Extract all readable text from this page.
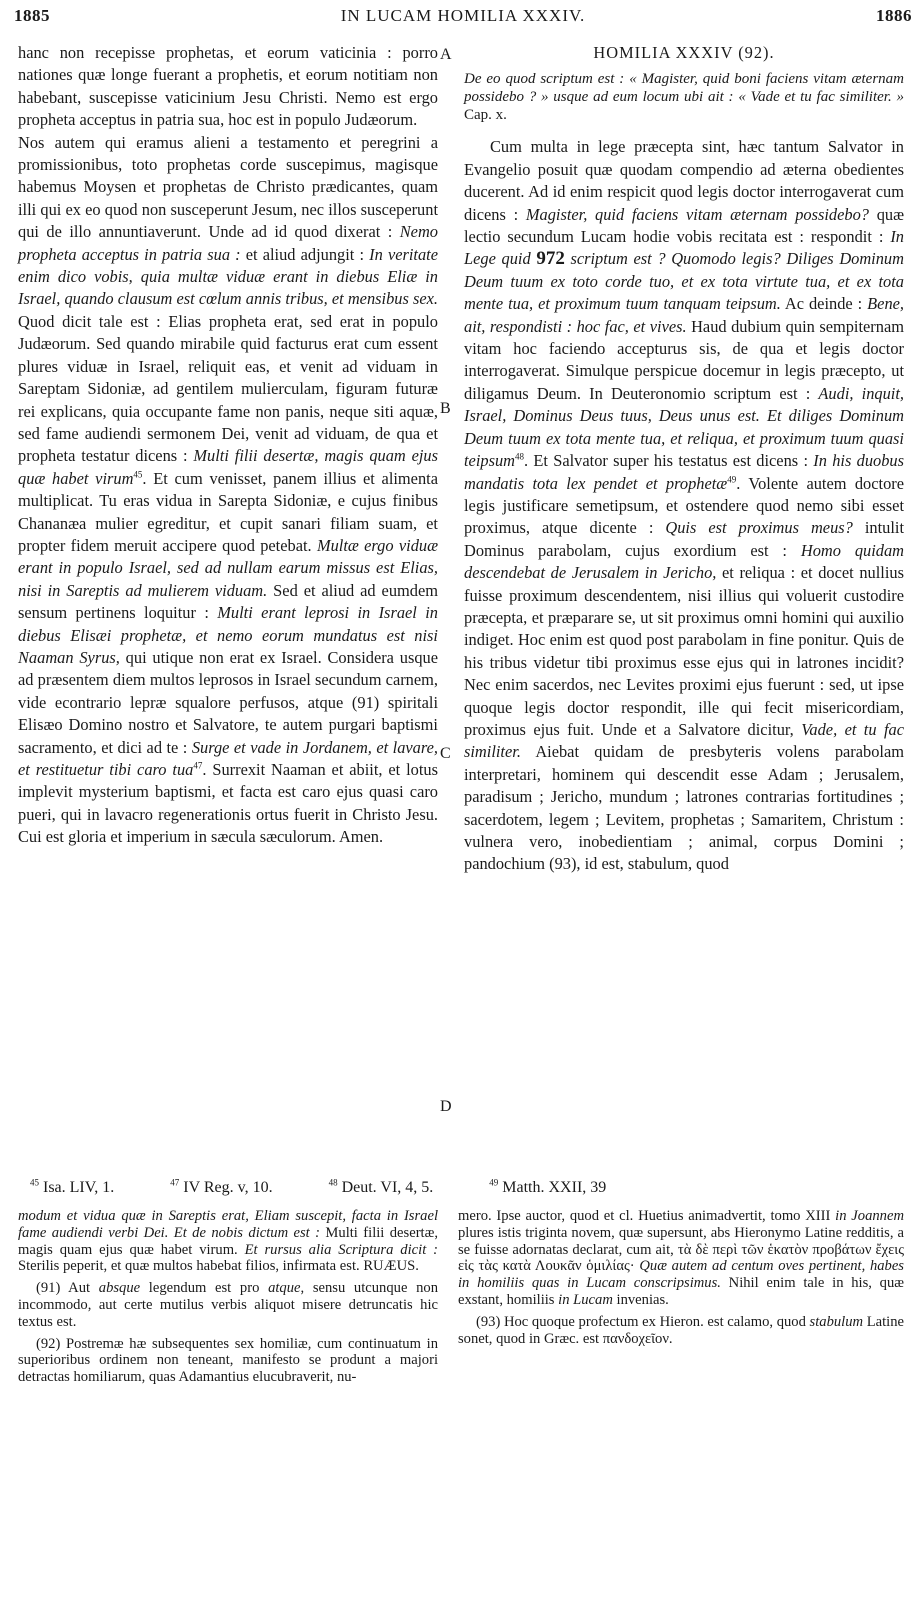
1885	IN LUCAM HOMILIA XXXIV.	1886
A
B
C
D

hanc non recepisse prophetas, et eorum vaticinia : porro nationes quæ longe fuerant a prophetis, et eorum notitiam non habebant, suscepisse vaticinium Jesu Christi. Nemo est ergo propheta acceptus in patria sua, hoc est in populo Judæorum.

Nos autem qui eramus alieni a testamento et peregrini a promissionibus, toto prophetas corde suscepimus, magisque habemus Moysen et prophetas de Christo prædicantes, quam illi qui ex eo quod non susceperunt Jesum, nec illos susceperunt qui de illo annuntiaverunt. Unde ad id quod dixerat : Nemo propheta acceptus in patria sua : et aliud adjungit : In veritate enim dico vobis, quia multæ viduæ erant in diebus Eliæ in Israel, quando clausum est cœlum annis tribus, et mensibus sex. Quod dicit tale est : Elias propheta erat, sed erat in populo Judæorum. Sed quando mirabile quid facturus erat cum essent plures viduæ in Israel, reliquit eas, et venit ad viduam in Sareptam Sidoniæ, ad gentilem mulierculam, figuram futuræ rei explicans, quia occupante fame non panis, neque siti aquæ, sed fame audiendi sermonem Dei, venit ad viduam, de qua et propheta testatur dicens : Multi filii desertæ, magis quam ejus quæ habet virum$^{45}$. Et cum venisset, panem illius et alimenta multiplicat. Tu eras vidua in Sarepta Sidoniæ, e cujus finibus Chananæa mulier egreditur, et cupit sanari filiam suam, et propter fidem meruit accipere quod petebat. Multæ ergo viduæ erant in populo Israel, sed ad nullam earum missus est Elias, nisi in Sareptis ad mulierem viduam. Sed et aliud ad eumdem sensum pertinens loquitur : Multi erant leprosi in Israel in diebus Elisæi prophetæ, et nemo eorum mundatus est nisi Naaman Syrus, qui utique non erat ex Israel. Considera usque ad præsentem diem multos leprosos in Israel secundum carnem, vide econtrario lepræ squalore perfusos, atque (91) spiritali Elisæo Domino nostro et Salvatore, te autem purgari baptismi sacramento, et dici ad te : Surge et vade in Jordanem, et lavare, et restituetur tibi caro tua$^{47}$. Surrexit Naaman et abiit, et lotus implevit mysterium baptismi, et facta est caro ejus quasi caro pueri, qui in lavacro regenerationis ortus fuerit in Christo Jesu. Cui est gloria et imperium in sæcula sæculorum. Amen.

HOMILIA XXXIV (92).
De eo quod scriptum est : « Magister, quid boni faciens vitam æternam possidebo ? » usque ad eum locum ubi ait : « Vade et tu fac similiter. » Cap. x.

Cum multa in lege præcepta sint, hæc tantum Salvator in Evangelio posuit quæ quodam compendio ad æterna obedientes ducerent. Ad id enim respicit quod legis doctor interrogaverat cum dicens : Magister, quid faciens vitam æternam possidebo? quæ lectio secundum Lucam hodie vobis recitata est : respondit : In Lege quid 972 scriptum est ? Quomodo legis? Diliges Dominum Deum tuum ex toto corde tuo, et ex tota virtute tua, et ex tota mente tua, et proximum tuum tanquam teipsum. Ac deinde : Bene, ait, respondisti : hoc fac, et vives. Haud dubium quin sempiternam vitam hoc faciendo accepturus sis, de qua et legis doctor interrogaverat. Simulque perspicue docemur in legis præcepto, ut diligamus Deum. In Deuteronomio scriptum est : Audi, inquit, Israel, Dominus Deus tuus, Deus unus est. Et diliges Dominum Deum tuum ex tota mente tua, et reliqua, et proximum tuum quasi teipsum$^{48}$. Et Salvator super his testatus est dicens : In his duobus mandatis tota lex pendet et prophetæ$^{49}$. Volente autem doctore legis justificare semetipsum, et ostendere quod nemo sibi esset proximus, atque dicente : Quis est proximus meus? intulit Dominus parabolam, cujus exordium est : Homo quidam descendebat de Jerusalem in Jericho, et reliqua : et docet nullius fuisse proximum descendentem, nisi illius qui voluerit custodire præcepta, et præparare se, ut sit proximus omni homini qui auxilio indiget. Hoc enim est quod post parabolam in fine ponitur. Quis de his tribus videtur tibi proximus esse ejus qui in latrones incidit? Nec enim sacerdos, nec Levites proximi ejus fuerunt : sed, ut ipse quoque legis doctor respondit, ille qui fecit misericordiam, proximus ejus fuit. Unde et a Salvatore dicitur, Vade, et tu fac similiter. Aiebat quidam de presbyteris volens parabolam interpretari, hominem qui descendit esse Adam ; Jerusalem, paradisum ; Jericho, mundum ; latrones contrarias fortitudines ; sacerdotem, legem ; Levitem, prophetas ; Samaritem, Christum : vulnera vero, inobedientiam ; animal, corpus Domini ; pandochium (93), id est, stabulum, quod

$^{45}$ Isa. LIV, 1.	$^{47}$ IV Reg. v, 10.	$^{48}$ Deut. VI, 4, 5.	$^{49}$ Matth. XXII, 39

modum et vidua quæ in Sareptis erat, Eliam suscepit, facta in Israel fame audiendi verbi Dei. Et de nobis dictum est : Multi filii desertæ, magis quam ejus quæ habet virum. Et rursus alia Scriptura dicit : Sterilis peperit, et quæ multos habebat filios, infirmata est. RUÆUS.

(91) Aut absque legendum est pro atque, sensu utcunque non incommodo, aut certe mutilus verbis aliquot misere detruncatis hic textus est.

(92) Postremæ hæ subsequentes sex homiliæ, cum continuatum in superioribus ordinem non teneant, manifesto se produnt a majori detractas homiliarum, quas Adamantius elucubraverit, nu-

mero. Ipse auctor, quod et cl. Huetius animadvertit, tomo XIII in Joannem plures istis triginta novem, quæ supersunt, abs Hieronymo Latine redditis, a se fuisse adornatas declarat, cum ait, τὰ δὲ περὶ τῶν ἑκατὸν προβάτων ἔχεις εἰς τὰς κατὰ Λουκᾶν ὁμιλίας· Quæ autem ad centum oves pertinent, habes in homiliis quas in Lucam conscripsimus. Nihil enim tale in his, quæ exstant, homiliis in Lucam invenias.

(93) Hoc quoque profectum ex Hieron. est calamo, quod stabulum Latine sonet, quod in Græc. est πανδοχεῖον.
